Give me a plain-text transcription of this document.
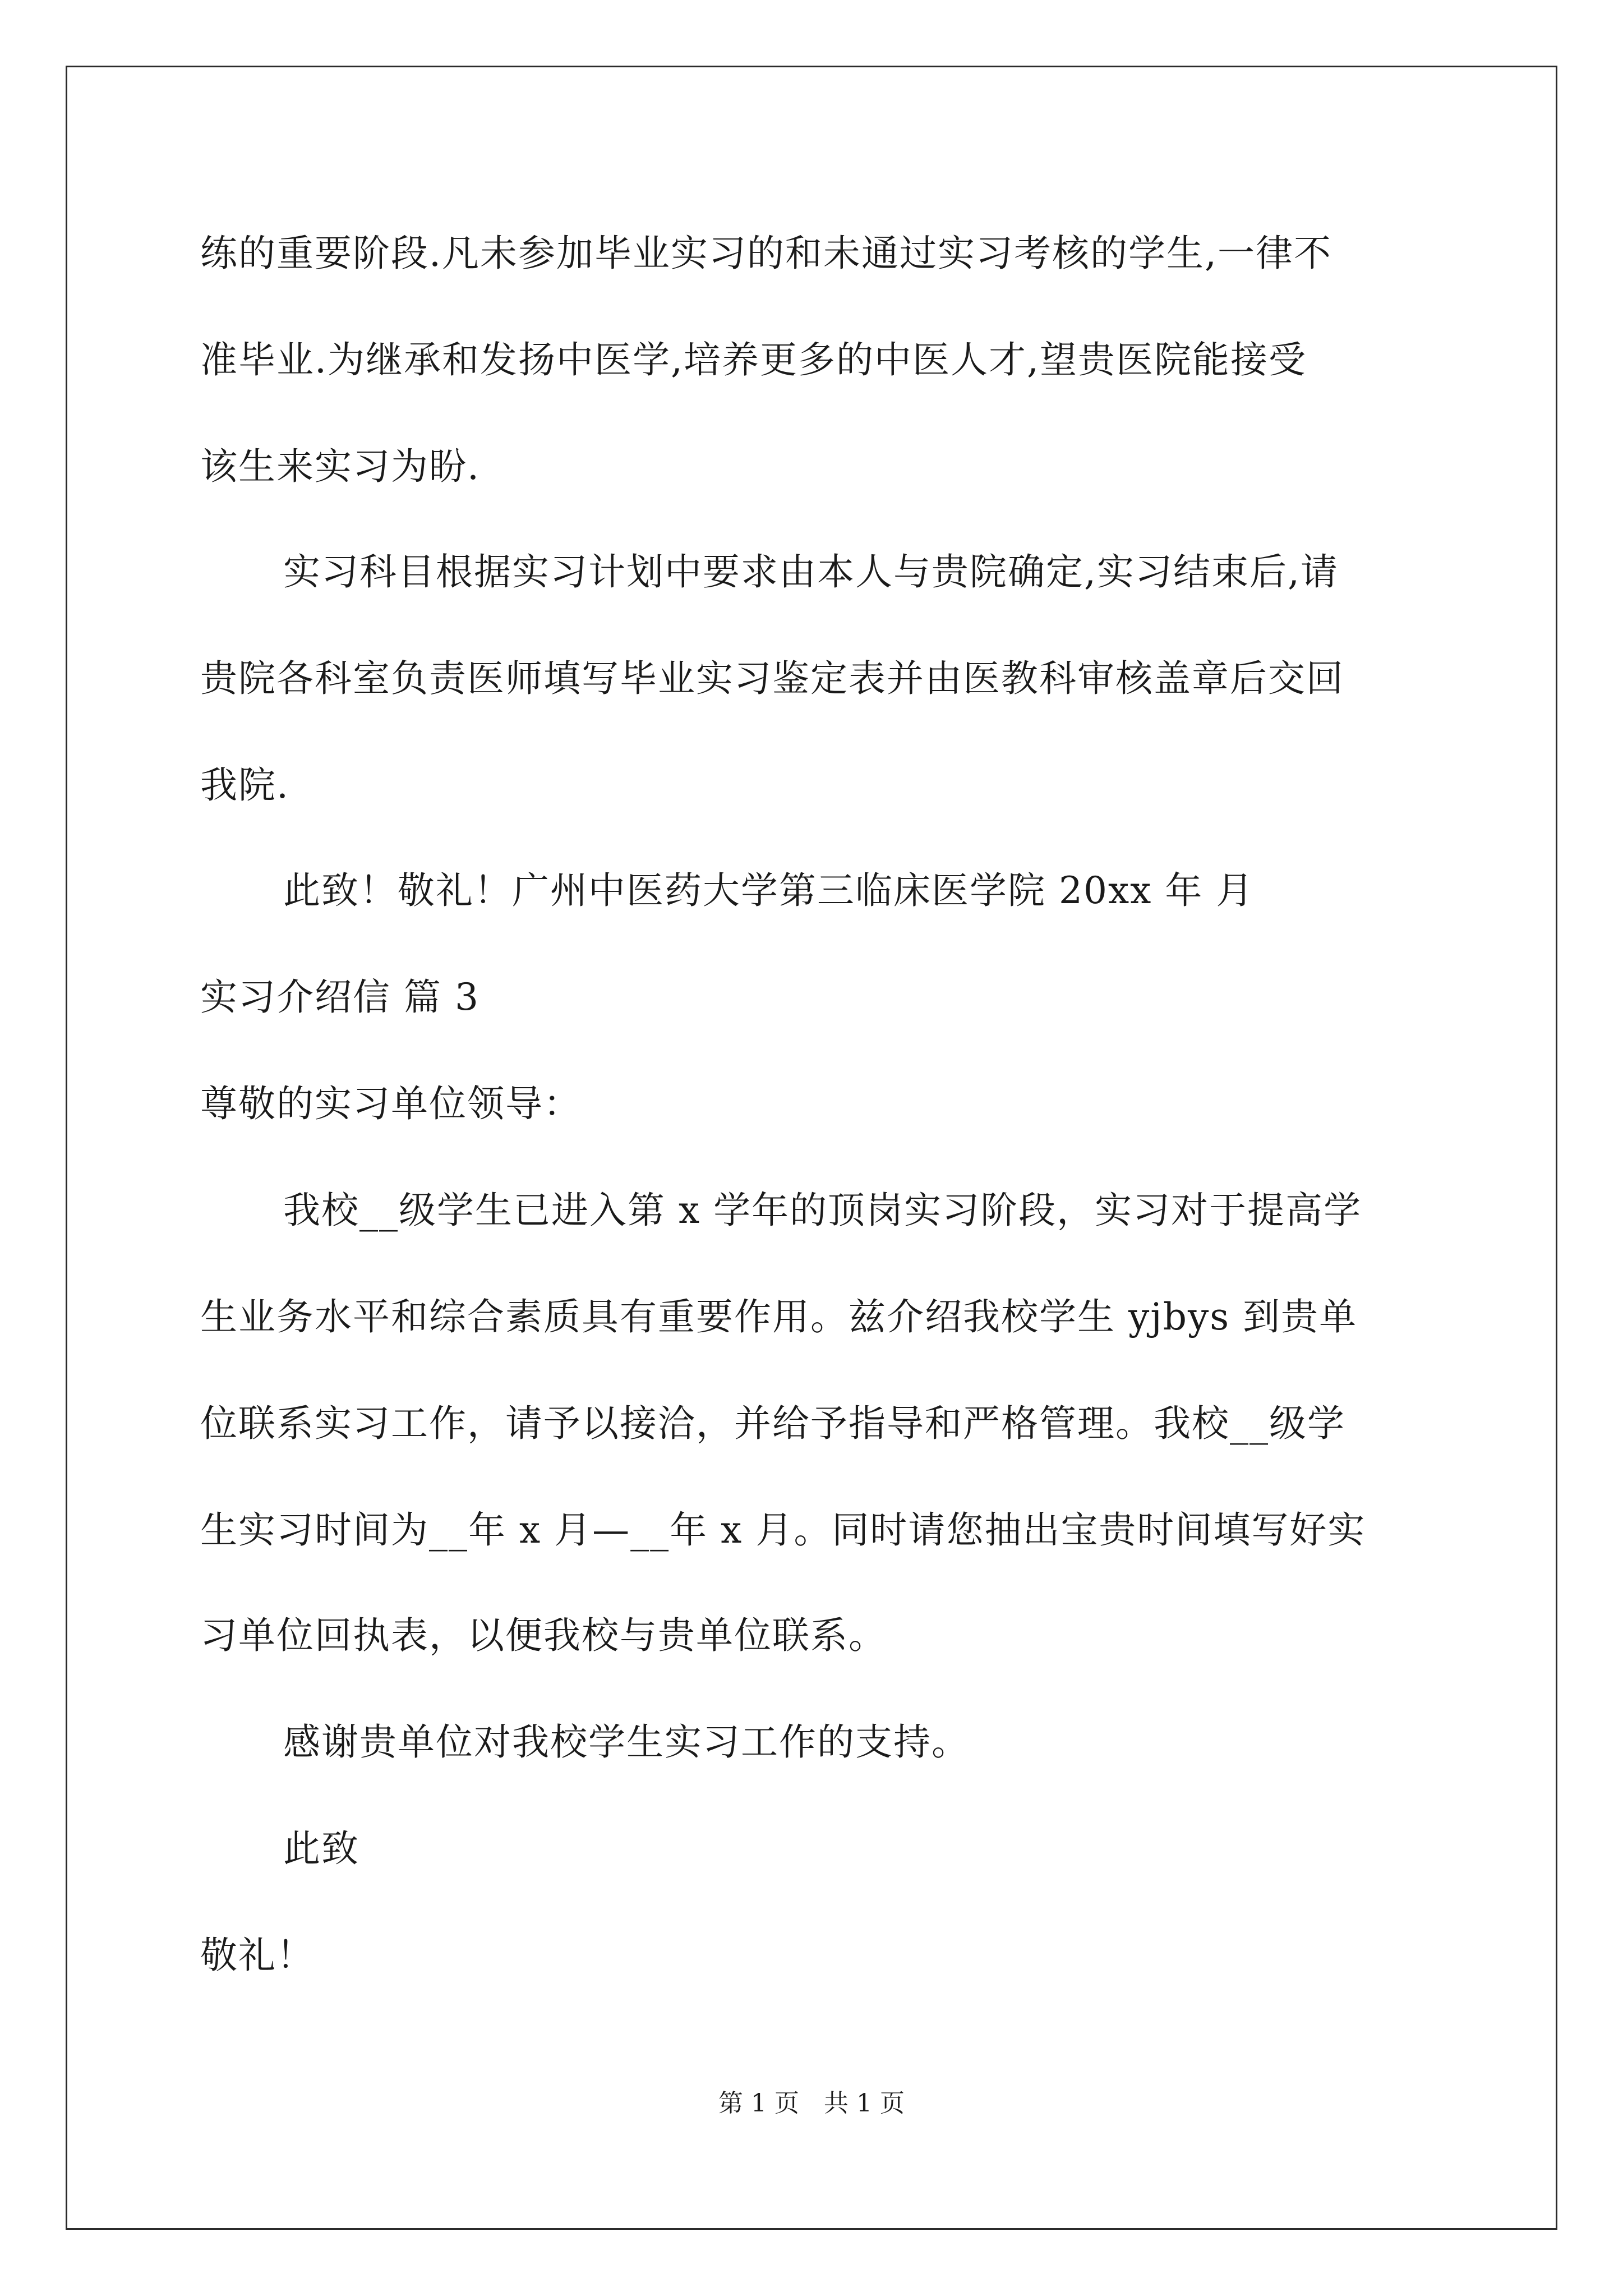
练的重要阶段.凡未参加毕业实习的和未通过实习考核的学生,一律不
准毕业.为继承和发扬中医学,培养更多的中医人才,望贵医院能接受
该生来实习为盼.
实习科目根据实习计划中要求由本人与贵院确定,实习结束后,请
贵院各科室负责医师填写毕业实习鉴定表并由医教科审核盖章后交回
我院.
此致！敬礼！广州中医药大学第三临床医学院 20xx 年 月
实习介绍信 篇 3
尊敬的实习单位领导：
我校__级学生已进入第 x 学年的顶岗实习阶段，实习对于提高学
生业务水平和综合素质具有重要作用。兹介绍我校学生 yjbys 到贵单
位联系实习工作，请予以接洽，并给予指导和严格管理。我校__级学
生实习时间为__年 x 月—__年 x 月。同时请您抽出宝贵时间填写好实
习单位回执表，以便我校与贵单位联系。
感谢贵单位对我校学生实习工作的支持。
此致
敬礼！
第 1 页　共 1 页
